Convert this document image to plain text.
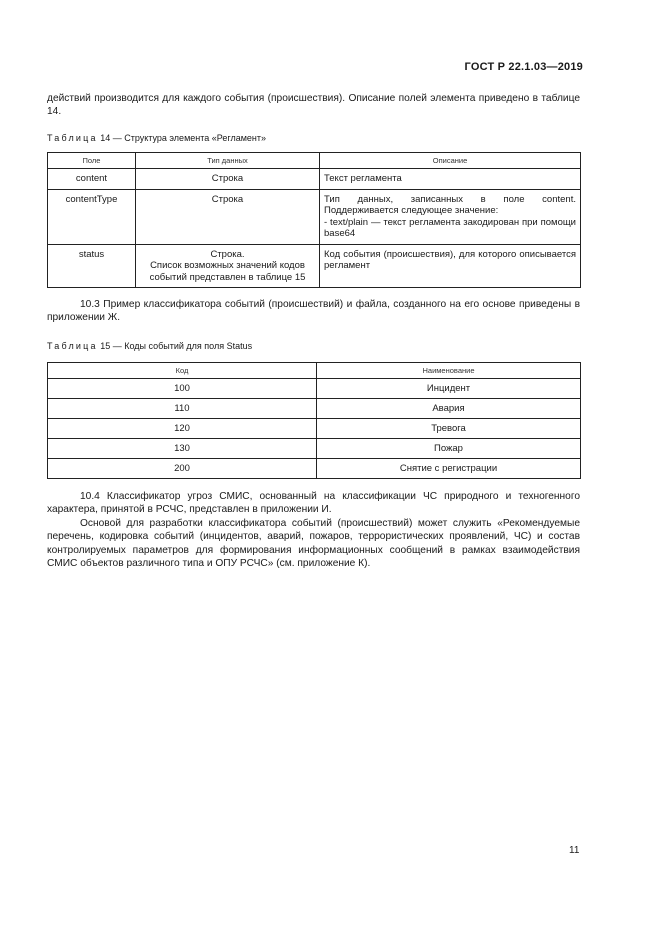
ГОСТ Р 22.1.03—2019

действий производится для каждого события (происшествия). Описание полей элемента приведено в таблице 14.

Таблица 14 — Структура элемента «Регламент»

Поле	Тип данных	Описание
content	Строка	Текст регламента

contentType	Строка	Тип данных, записанных в поле content. Поддерживается следующее значение:
- text/plain — текст регламента закодирован при помощи base64

status	Строка.
Список возможных значений кодов событий представлен в таблице 15	Код события (происшествия), для которого описывается регламент

10.3 Пример классификатора событий (происшествий) и файла, созданного на его основе приведены в приложении Ж.

Таблица 15 — Коды событий для поля Status

Код	Наименование
100	Инцидент
110	Авария
120	Тревога
130	Пожар
200	Снятие с регистрации

10.4 Классификатор угроз СМИС, основанный на классификации ЧС природного и техногенного характера, принятой в РСЧС, представлен в приложении И.

Основой для разработки классификатора событий (происшествий) может служить «Рекомендуемые перечень, кодировка событий (инцидентов, аварий, пожаров, террористических проявлений, ЧС) и состав контролируемых параметров для формирования информационных сообщений в рамках взаимодействия СМИС объектов различного типа и ОПУ РСЧС» (см. приложение К).

11
